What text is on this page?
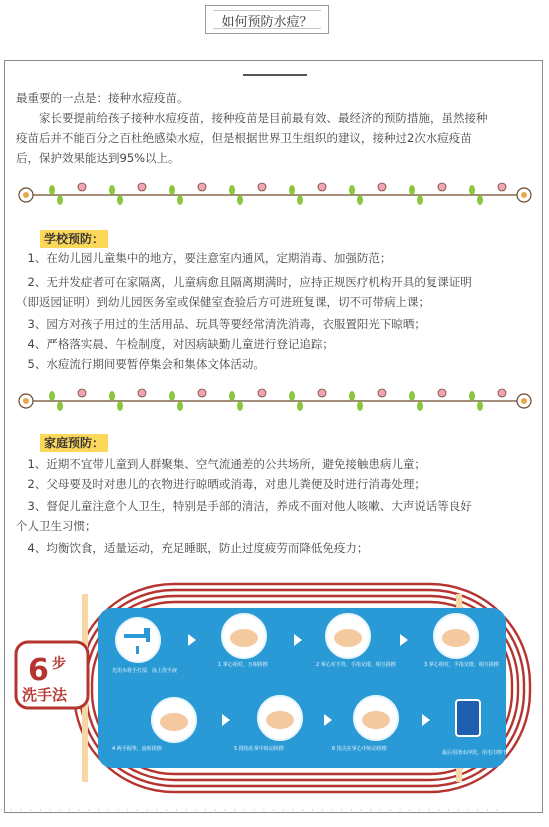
如何预防水痘？
· · · · · · · · · · · · · · · · · · · · · · · · · · · · · · · · · · · · · · · · · · · · · · · · · · · ·
最重要的一点是：接种水痘疫苗。
　　家长要提前给孩子接种水痘疫苗，接种疫苗是目前最有效、最经济的预防措施，虽然接种
疫苗后并不能百分之百杜绝感染水痘，但是根据世界卫生组织的建议，接种过2次水痘疫苗
后，保护效果能达到95%以上。
学校预防：
　1、在幼儿园儿童集中的地方，要注意室内通风，定期消毒、加强防范；
　2、无并发症者可在家隔离，儿童病愈且隔离期满时，应持正规医疗机构开具的复课证明
（即返园证明）到幼儿园医务室或保健室查验后方可进班复课，切不可带病上课；
　3、园方对孩子用过的生活用品、玩具等要经常清洗消毒，衣服置阳光下晾晒；
　4、严格落实晨、午检制度，对因病缺勤儿童进行登记追踪；
　5、水痘流行期间要暂停集会和集体文体活动。
家庭预防：
　1、近期不宜带儿童到人群聚集、空气流通差的公共场所，避免接触患病儿童；
　2、父母要及时对患儿的衣物进行晾晒或消毒，对患儿粪便及时进行消毒处理；
　3、督促儿童注意个人卫生，特别是手部的清洁，养成不面对他人咳嗽、大声说话等良好
个人卫生习惯；
　4、均衡饮食，适量运动，充足睡眠，防止过度疲劳而降低免疫力；
6 步
洗手法
先用水将手打湿，涂上洗手液
1 掌心相对，互相搓擦	2 掌心对手背，手指交错，相互搓擦	3 掌心相对，手指交错，相互搓擦
4 两手握拳，旋转搓擦	5 拇指在掌中转动搓擦	6 指尖在掌心中转动搓擦
最后用清水冲洗，用毛巾擦干
